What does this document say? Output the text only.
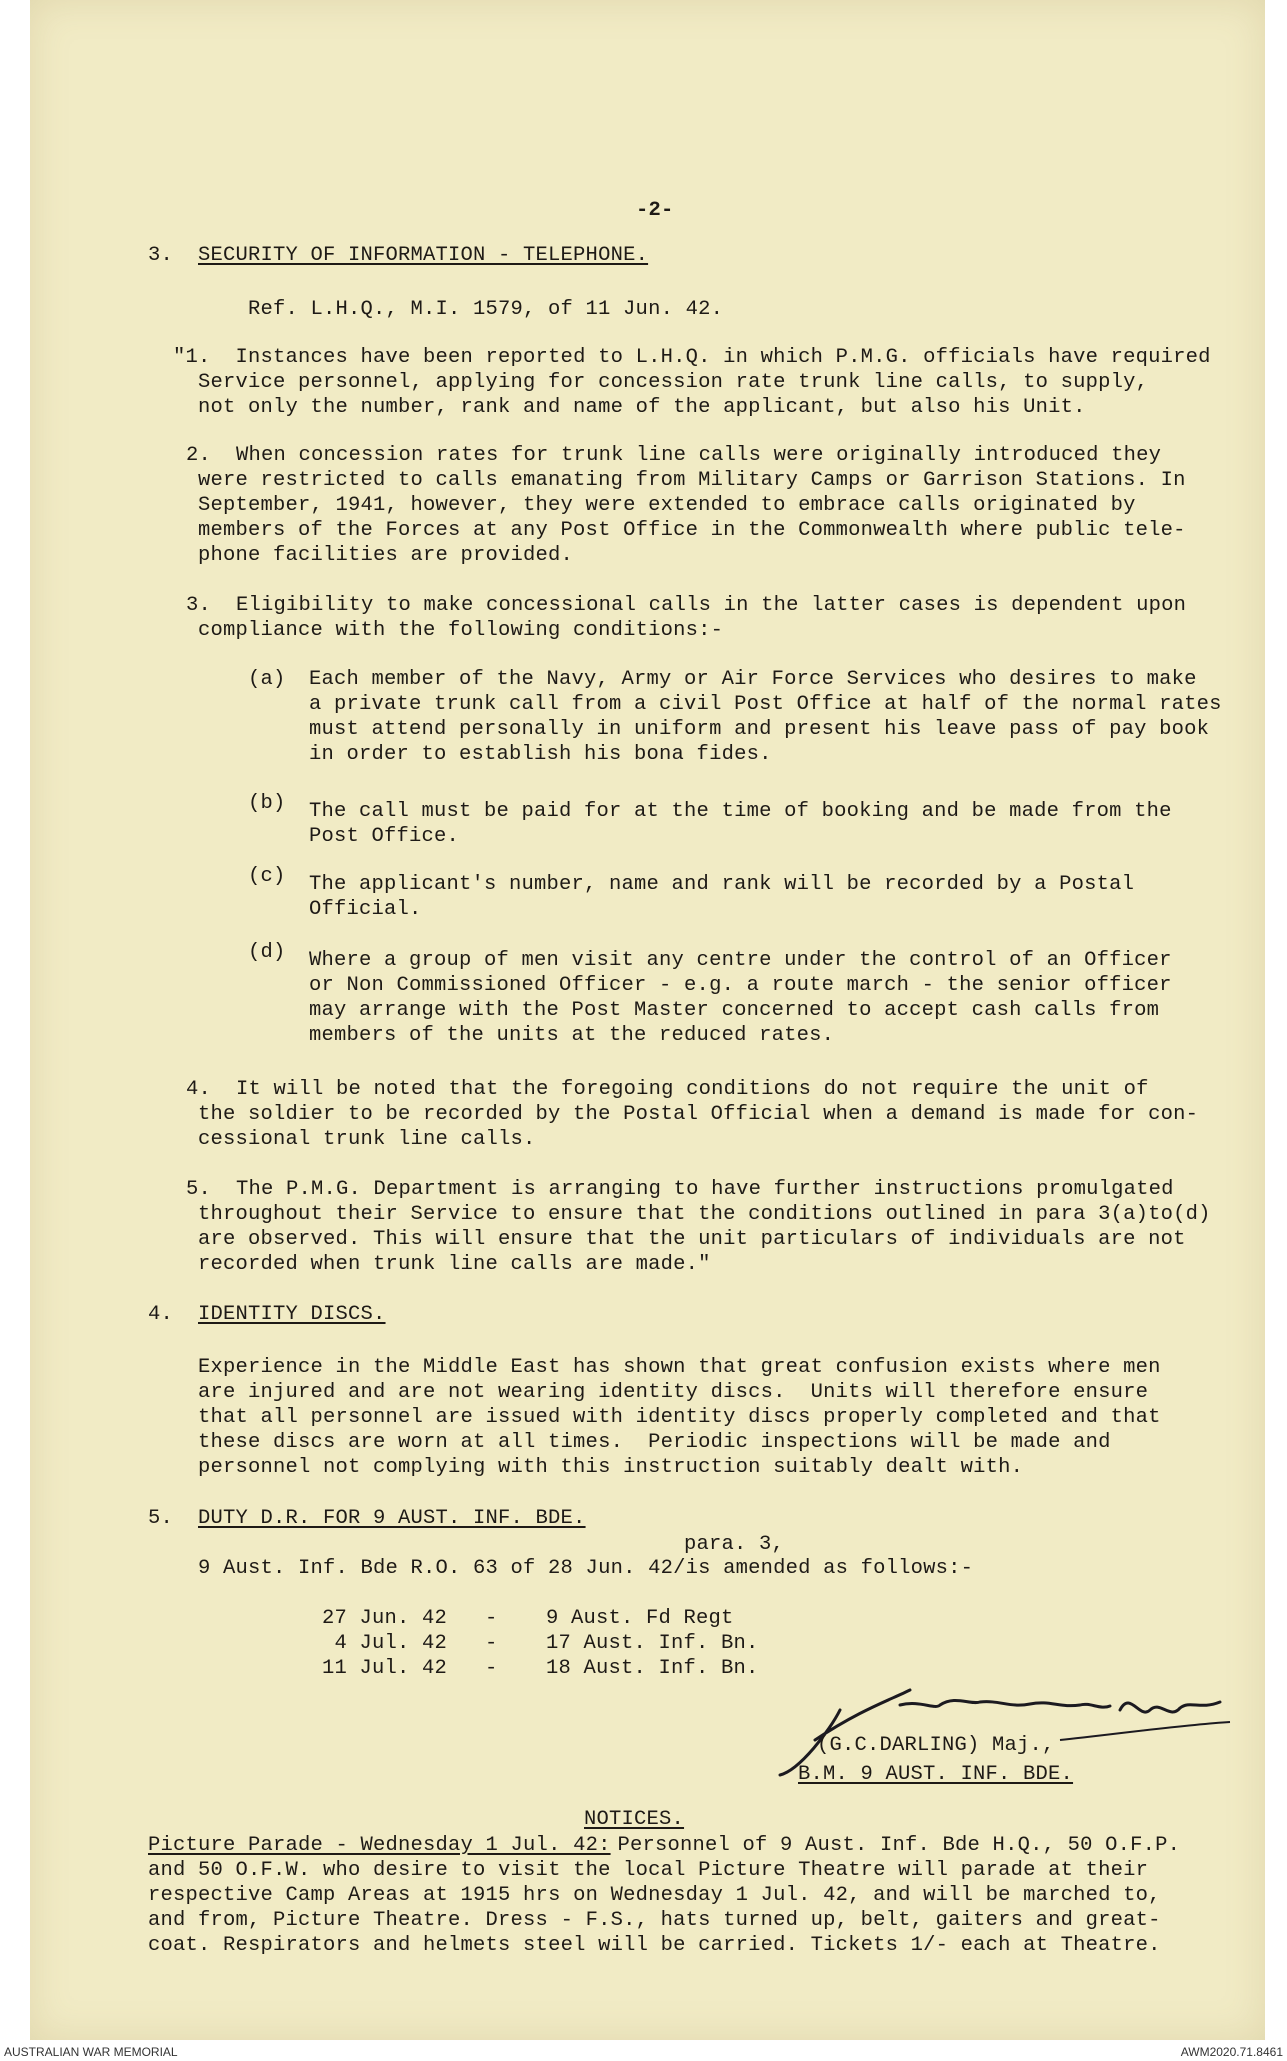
-2-
3. SECURITY OF INFORMATION - TELEPHONE.
Ref. L.H.Q., M.I. 1579, of 11 Jun. 42.
"1.  Instances have been reported to L.H.Q. in which P.M.G. officials have required
Service personnel, applying for concession rate trunk line calls, to supply,
not only the number, rank and name of the applicant, but also his Unit.
2.  When concession rates for trunk line calls were originally introduced they
were restricted to calls emanating from Military Camps or Garrison Stations. In
September, 1941, however, they were extended to embrace calls originated by
members of the Forces at any Post Office in the Commonwealth where public tele-
phone facilities are provided.
3.  Eligibility to make concessional calls in the latter cases is dependent upon
compliance with the following conditions:-
(a) Each member of the Navy, Army or Air Force Services who desires to make
a private trunk call from a civil Post Office at half of the normal rates
must attend personally in uniform and present his leave pass of pay book
in order to establish his bona fides.
(b) The call must be paid for at the time of booking and be made from the
Post Office.
(c) The applicant's number, name and rank will be recorded by a Postal
Official.
(d) Where a group of men visit any centre under the control of an Officer
or Non Commissioned Officer - e.g. a route march - the senior officer
may arrange with the Post Master concerned to accept cash calls from
members of the units at the reduced rates.
4.  It will be noted that the foregoing conditions do not require the unit of
the soldier to be recorded by the Postal Official when a demand is made for con-
cessional trunk line calls.
5.  The P.M.G. Department is arranging to have further instructions promulgated
throughout their Service to ensure that the conditions outlined in para 3(a)to(d)
are observed. This will ensure that the unit particulars of individuals are not
recorded when trunk line calls are made."
4. IDENTITY DISCS.
Experience in the Middle East has shown that great confusion exists where men
are injured and are not wearing identity discs.  Units will therefore ensure
that all personnel are issued with identity discs properly completed and that
these discs are worn at all times.  Periodic inspections will be made and
personnel not complying with this instruction suitably dealt with.
5. DUTY D.R. FOR 9 AUST. INF. BDE.
para. 3,
9 Aust. Inf. Bde R.O. 63 of 28 Jun. 42/is amended as follows:-
27 Jun. 42 - 9 Aust. Fd Regt
4 Jul. 42 - 17 Aust. Inf. Bn.
11 Jul. 42 - 18 Aust. Inf. Bn.
(G.C.DARLING) Maj.,
B.M. 9 AUST. INF. BDE.
NOTICES.
Picture Parade - Wednesday 1 Jul. 42:
Personnel of 9 Aust. Inf. Bde H.Q., 50 O.F.P.
and 50 O.F.W. who desire to visit the local Picture Theatre will parade at their
respective Camp Areas at 1915 hrs on Wednesday 1 Jul. 42, and will be marched to,
and from, Picture Theatre. Dress - F.S., hats turned up, belt, gaiters and great-
coat. Respirators and helmets steel will be carried. Tickets 1/- each at Theatre.
AUSTRALIAN WAR MEMORIAL	AWM2020.71.8461
